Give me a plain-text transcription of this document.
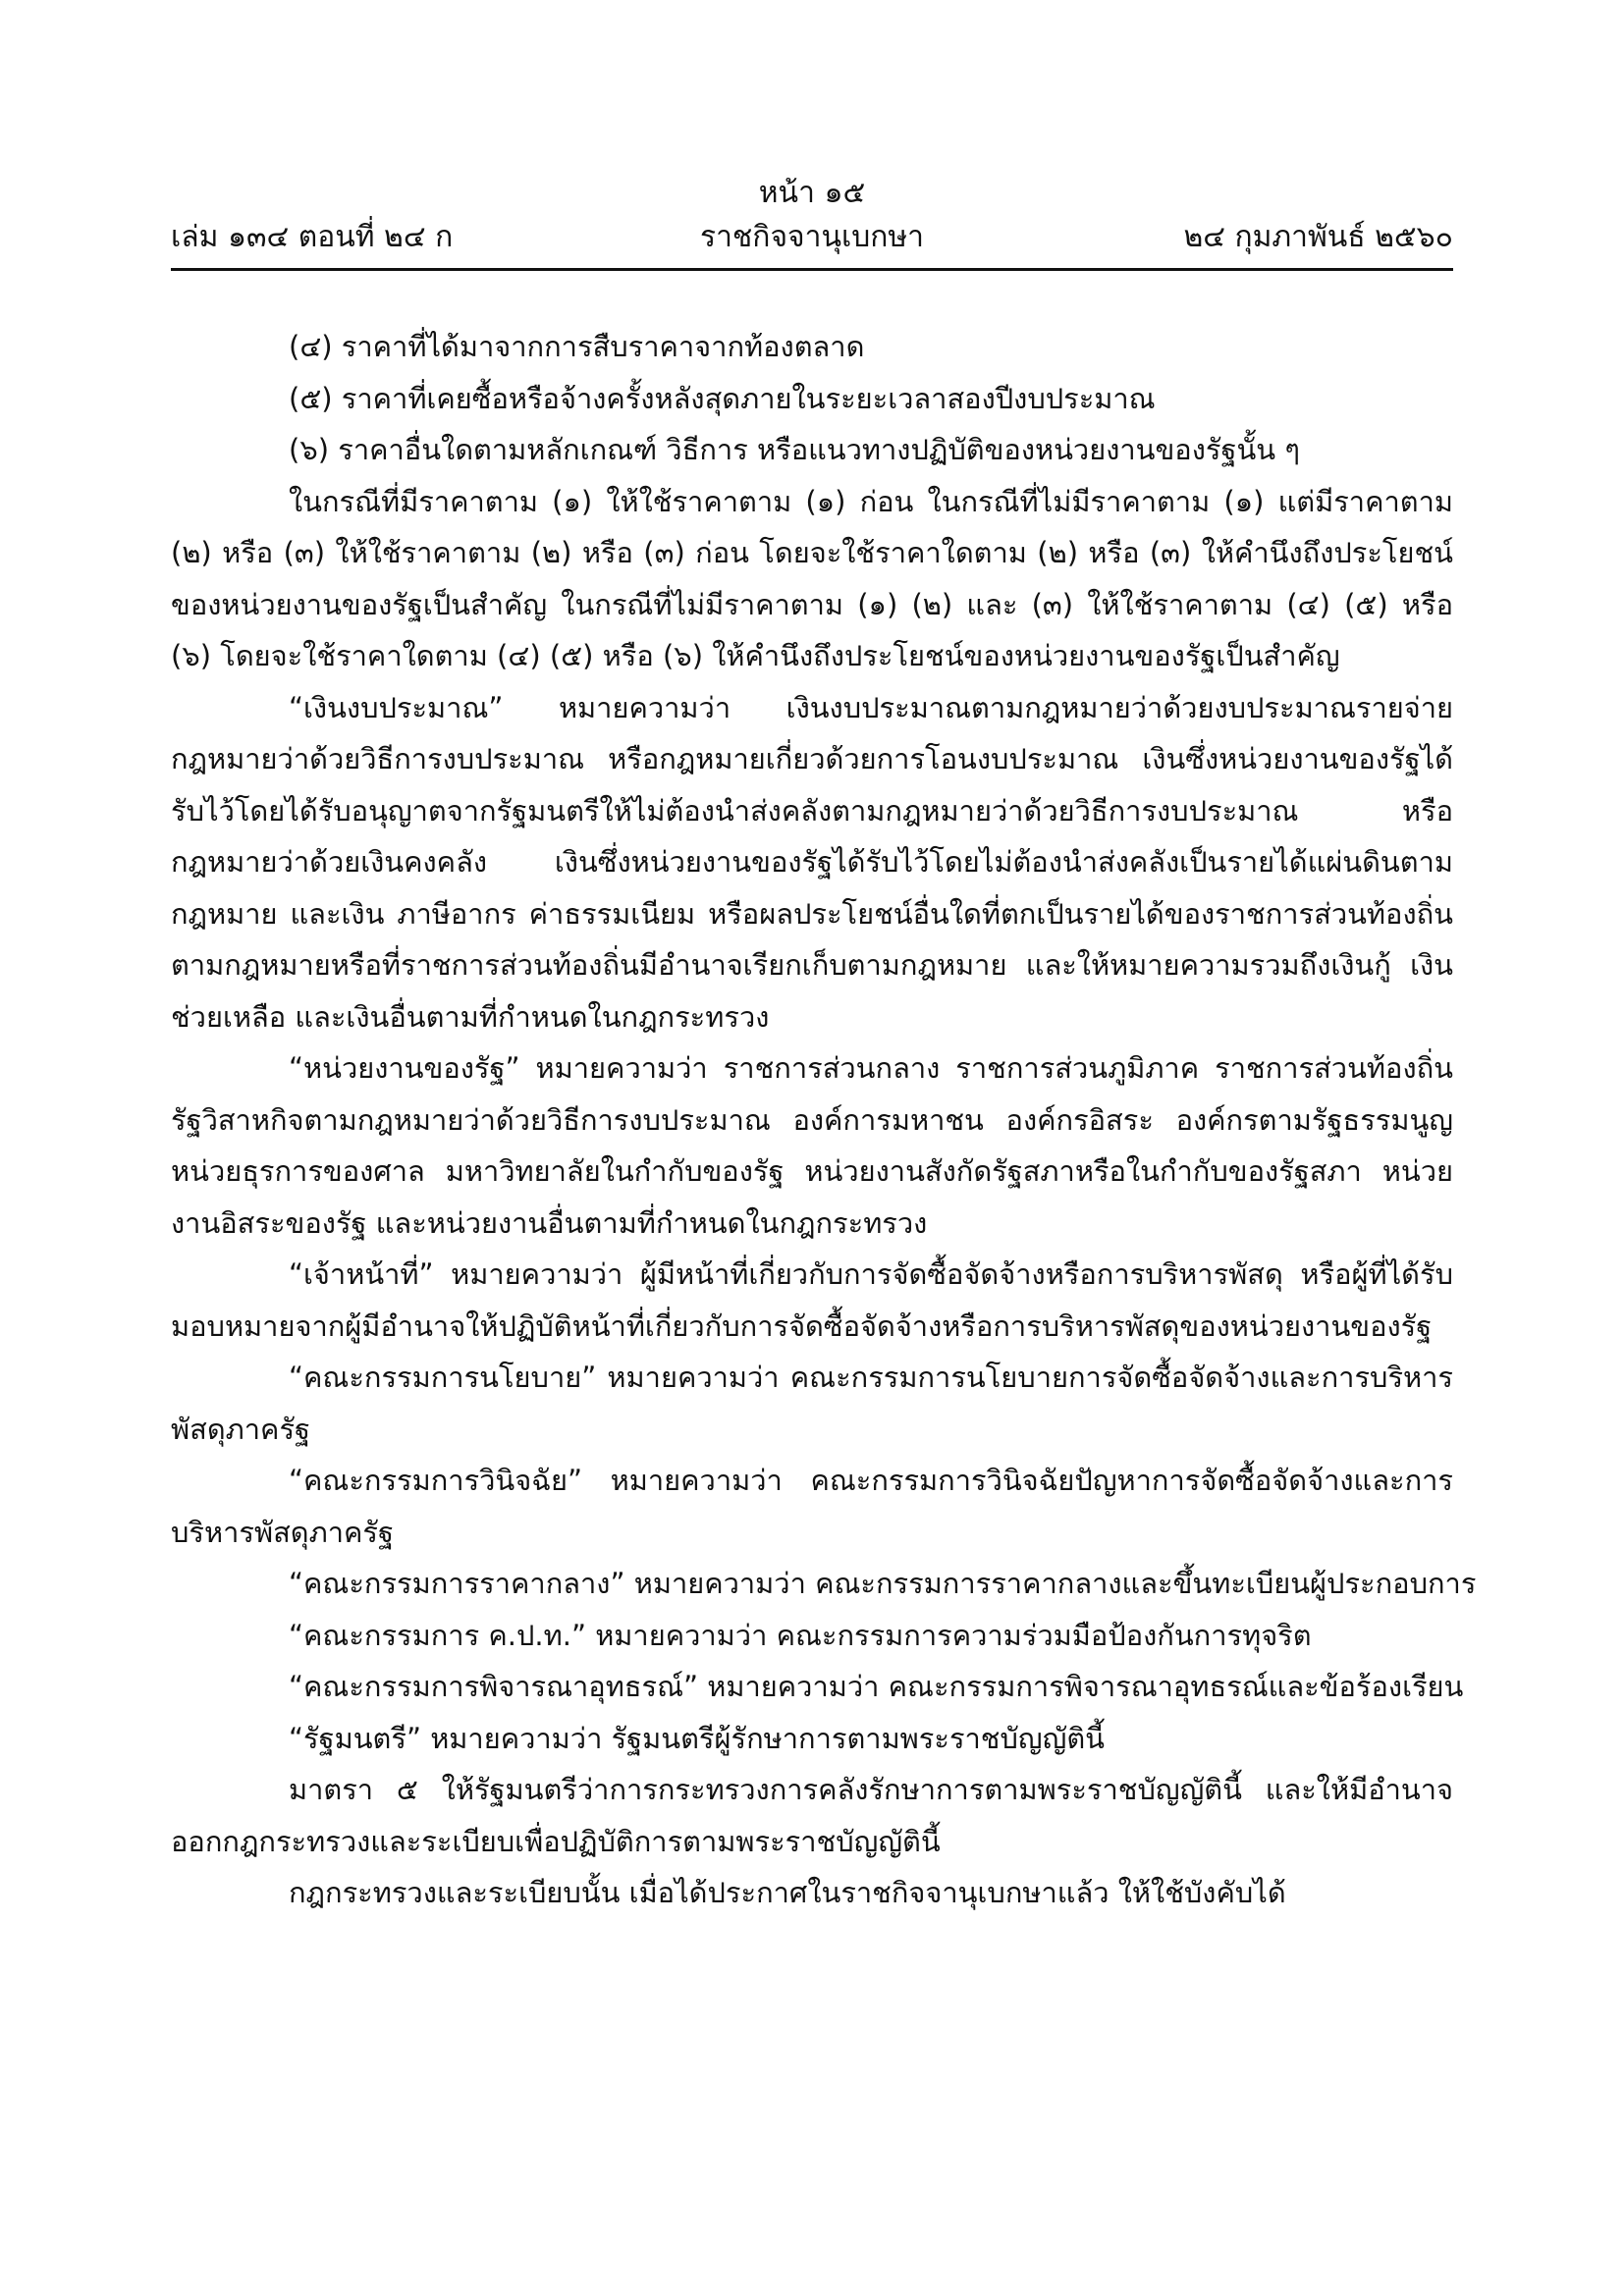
หน้า ๑๕
เล่ม ๑๓๔ ตอนที่ ๒๔ ก	ราชกิจจานุเบกษา	๒๔ กุมภาพันธ์ ๒๕๖๐

(๔) ราคาที่ได้มาจากการสืบราคาจากท้องตลาด

(๕) ราคาที่เคยซื้อหรือจ้างครั้งหลังสุดภายในระยะเวลาสองปีงบประมาณ

(๖) ราคาอื่นใดตามหลักเกณฑ์ วิธีการ หรือแนวทางปฏิบัติของหน่วยงานของรัฐนั้น ๆ

ในกรณีที่มีราคาตาม (๑) ให้ใช้ราคาตาม (๑) ก่อน ในกรณีที่ไม่มีราคาตาม (๑) แต่มีราคาตาม (๒) หรือ (๓) ให้ใช้ราคาตาม (๒) หรือ (๓) ก่อน โดยจะใช้ราคาใดตาม (๒) หรือ (๓) ให้คำนึงถึงประโยชน์ของหน่วยงานของรัฐเป็นสำคัญ ในกรณีที่ไม่มีราคาตาม (๑) (๒) และ (๓) ให้ใช้ราคาตาม (๔) (๕) หรือ (๖) โดยจะใช้ราคาใดตาม (๔) (๕) หรือ (๖) ให้คำนึงถึงประโยชน์ของหน่วยงานของรัฐเป็นสำคัญ

“เงินงบประมาณ” หมายความว่า เงินงบประมาณตามกฎหมายว่าด้วยงบประมาณรายจ่าย กฎหมายว่าด้วยวิธีการงบประมาณ หรือกฎหมายเกี่ยวด้วยการโอนงบประมาณ เงินซึ่งหน่วยงานของรัฐได้รับไว้โดยได้รับอนุญาตจากรัฐมนตรีให้ไม่ต้องนำส่งคลังตามกฎหมายว่าด้วยวิธีการงบประมาณ หรือกฎหมายว่าด้วยเงินคงคลัง เงินซึ่งหน่วยงานของรัฐได้รับไว้โดยไม่ต้องนำส่งคลังเป็นรายได้แผ่นดินตามกฎหมาย และเงิน ภาษีอากร ค่าธรรมเนียม หรือผลประโยชน์อื่นใดที่ตกเป็นรายได้ของราชการส่วนท้องถิ่นตามกฎหมายหรือที่ราชการส่วนท้องถิ่นมีอำนาจเรียกเก็บตามกฎหมาย และให้หมายความรวมถึงเงินกู้ เงินช่วยเหลือ และเงินอื่นตามที่กำหนดในกฎกระทรวง

“หน่วยงานของรัฐ” หมายความว่า ราชการส่วนกลาง ราชการส่วนภูมิภาค ราชการส่วนท้องถิ่น รัฐวิสาหกิจตามกฎหมายว่าด้วยวิธีการงบประมาณ องค์การมหาชน องค์กรอิสระ องค์กรตามรัฐธรรมนูญ หน่วยธุรการของศาล มหาวิทยาลัยในกำกับของรัฐ หน่วยงานสังกัดรัฐสภาหรือในกำกับของรัฐสภา หน่วยงานอิสระของรัฐ และหน่วยงานอื่นตามที่กำหนดในกฎกระทรวง

“เจ้าหน้าที่” หมายความว่า ผู้มีหน้าที่เกี่ยวกับการจัดซื้อจัดจ้างหรือการบริหารพัสดุ หรือผู้ที่ได้รับมอบหมายจากผู้มีอำนาจให้ปฏิบัติหน้าที่เกี่ยวกับการจัดซื้อจัดจ้างหรือการบริหารพัสดุของหน่วยงานของรัฐ

“คณะกรรมการนโยบาย” หมายความว่า คณะกรรมการนโยบายการจัดซื้อจัดจ้างและการบริหารพัสดุภาครัฐ

“คณะกรรมการวินิจฉัย” หมายความว่า คณะกรรมการวินิจฉัยปัญหาการจัดซื้อจัดจ้างและการบริหารพัสดุภาครัฐ

“คณะกรรมการราคากลาง” หมายความว่า คณะกรรมการราคากลางและขึ้นทะเบียนผู้ประกอบการ

“คณะกรรมการ ค.ป.ท.” หมายความว่า คณะกรรมการความร่วมมือป้องกันการทุจริต

“คณะกรรมการพิจารณาอุทธรณ์” หมายความว่า คณะกรรมการพิจารณาอุทธรณ์และข้อร้องเรียน

“รัฐมนตรี” หมายความว่า รัฐมนตรีผู้รักษาการตามพระราชบัญญัตินี้

มาตรา ๕ ให้รัฐมนตรีว่าการกระทรวงการคลังรักษาการตามพระราชบัญญัตินี้ และให้มีอำนาจออกกฎกระทรวงและระเบียบเพื่อปฏิบัติการตามพระราชบัญญัตินี้

กฎกระทรวงและระเบียบนั้น เมื่อได้ประกาศในราชกิจจานุเบกษาแล้ว ให้ใช้บังคับได้
